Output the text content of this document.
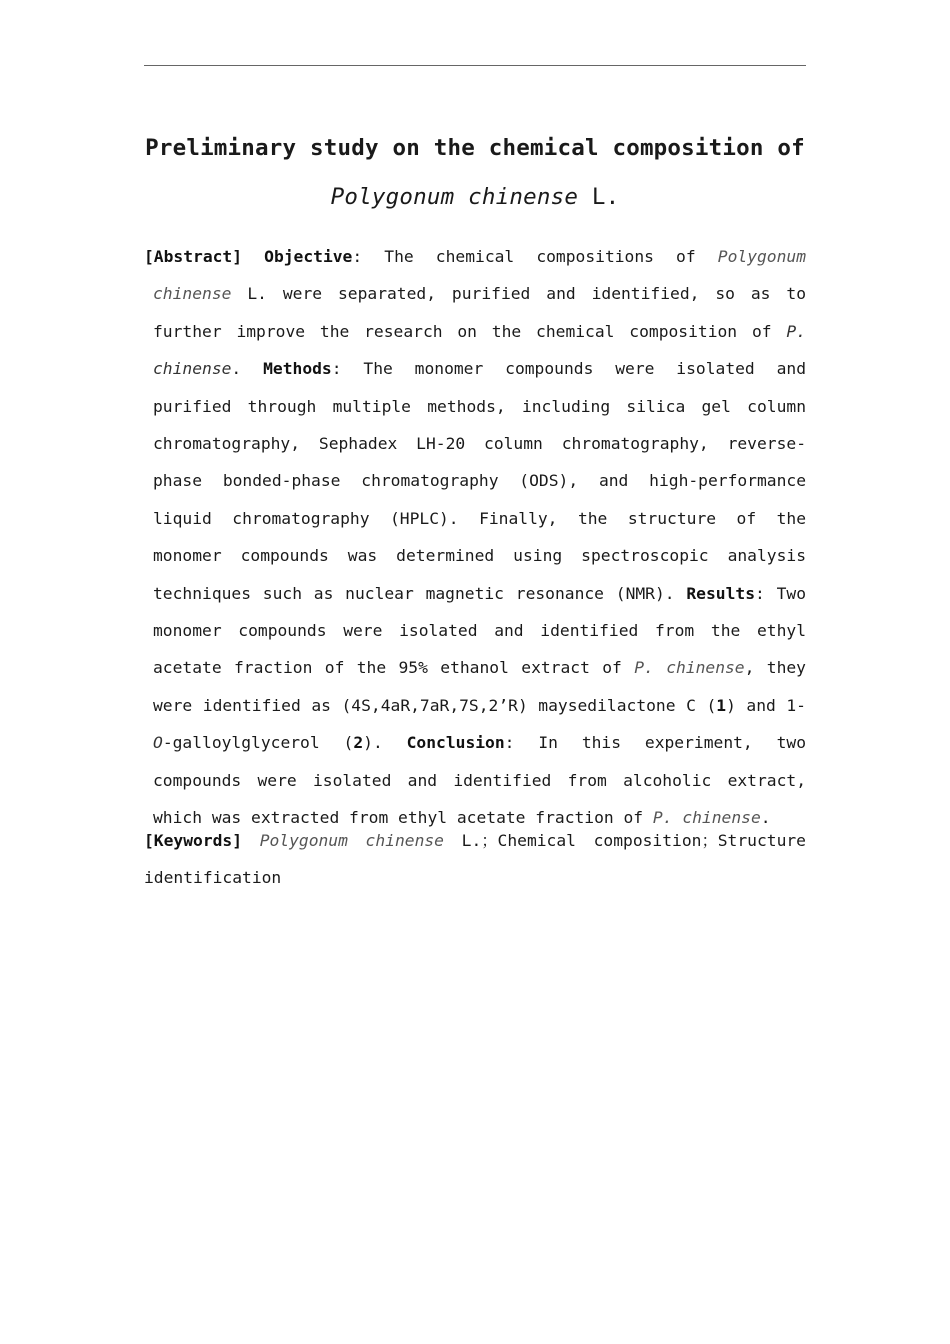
Preliminary study on the chemical composition of
Polygonum chinense L.

[Abstract] Objective: The chemical compositions of Polygonum chinense L. were separated, purified and identified, so as to further improve the research on the chemical composition of P. chinense. Methods: The monomer compounds were isolated and purified through multiple methods, including silica gel column chromatography, Sephadex LH-20 column chromatography, reverse-phase bonded-phase chromatography (ODS), and high-performance liquid chromatography (HPLC). Finally, the structure of the monomer compounds was determined using spectroscopic analysis techniques such as nuclear magnetic resonance (NMR). Results: Two monomer compounds were isolated and identified from the ethyl acetate fraction of the 95% ethanol extract of P. chinense, they were identified as (4S,4aR,7aR,7S,2’R) maysedilactone C (1) and 1-O-galloylglycerol (2). Conclusion: In this experiment, two compounds were isolated and identified from alcoholic extract, which was extracted from ethyl acetate fraction of P. chinense.

[Keywords] Polygonum chinense L.；Chemical composition；Structure identification
